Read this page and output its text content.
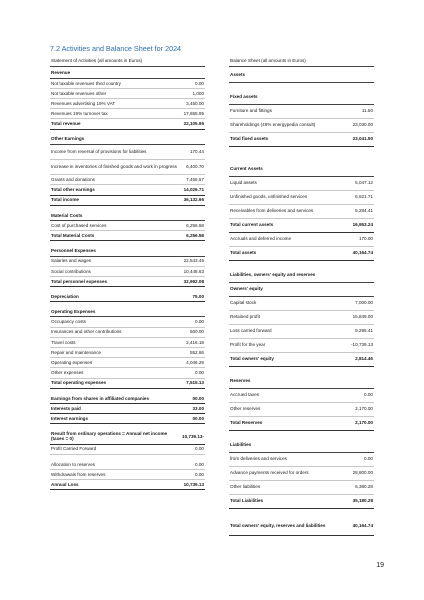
7.2 Activities and Balance Sheet for 2024
Statement of Activities (all amounts in Euros)
Revenue
Not taxable revenues third country	0.00
Not taxable revenues other	1,000
Revenues advertising 19% VAT	3,450.00
Revenues 19% turnover tax	17,655.95
Total revenue	22,105.95
Other Earnings
Income from reversal of provisions for liabilities	170.44
Increase in inventories of finished goods and work in progress	6,400.70
Grants and donations	7,455.57
Total other earnings	14,026.71
Total income	36,132.66
Material Costs
Cost of purchased services	6,256.58
Total Material Costs	6,256.58
Personnel Expenses
Salaries and wages	22,543.45
Social contributions	10,448.63
Total personnel expenses	32,992.08
Depreciation	75.00
Operating Expenses
Occupancy costs	0.00
Insurances and other contributions	500.00
Travel costs	2,416.18
Repair and maintenance	552.66
Operating expenses	4,046.29
Other expenses	0.00
Total operating expenses	7,515.13
Earnings from shares in affiliated companies	00.00
Interests paid	33.00
Interest earnings	00.00
Result from ordinary operations = Annual net income (taxes = 0)
10,739.13-
Profit Carried Forward	0.00
Allocation to reserves	0.00
Withdrawals from reserves	0.00
Annual Loss	10,739.13
Balance Sheet (all amounts in Euros)
Assets
Fixed assets
Furniture and fittings	11.50
Shareholdings (49% energypedia consult)	23,030.00
Total fixed assets	23,041.50
Current Assets
Liquid assets	5,047.12
Unfinished goods, unfinished services	6,621.71
Receivables from deliveries and services	5,284.41
Total current assets	16,953.24
Accruals and deferred income	170.00
Total assets	40,164.74
Liabilities, owners' equity and reserves
Owners' equity
Capital stock	7,000.00
Retained profit	15,849.00
Loss carried forward	9,295.41
Profit for the year	-10,739.13
Total owners' equity	2,814.46
Reserves
Accrued taxes	0.00
Other reserves	2,170.00
Total Reserves	2,170.00
Liabilities
from deliveries and services	0.00
Advance payments received for orders	28,800.00
Other liabilities	6,380.28
Total Liabilities	35,180.28
Total owners' equity, reserves and liabilities	40,164.74
19
